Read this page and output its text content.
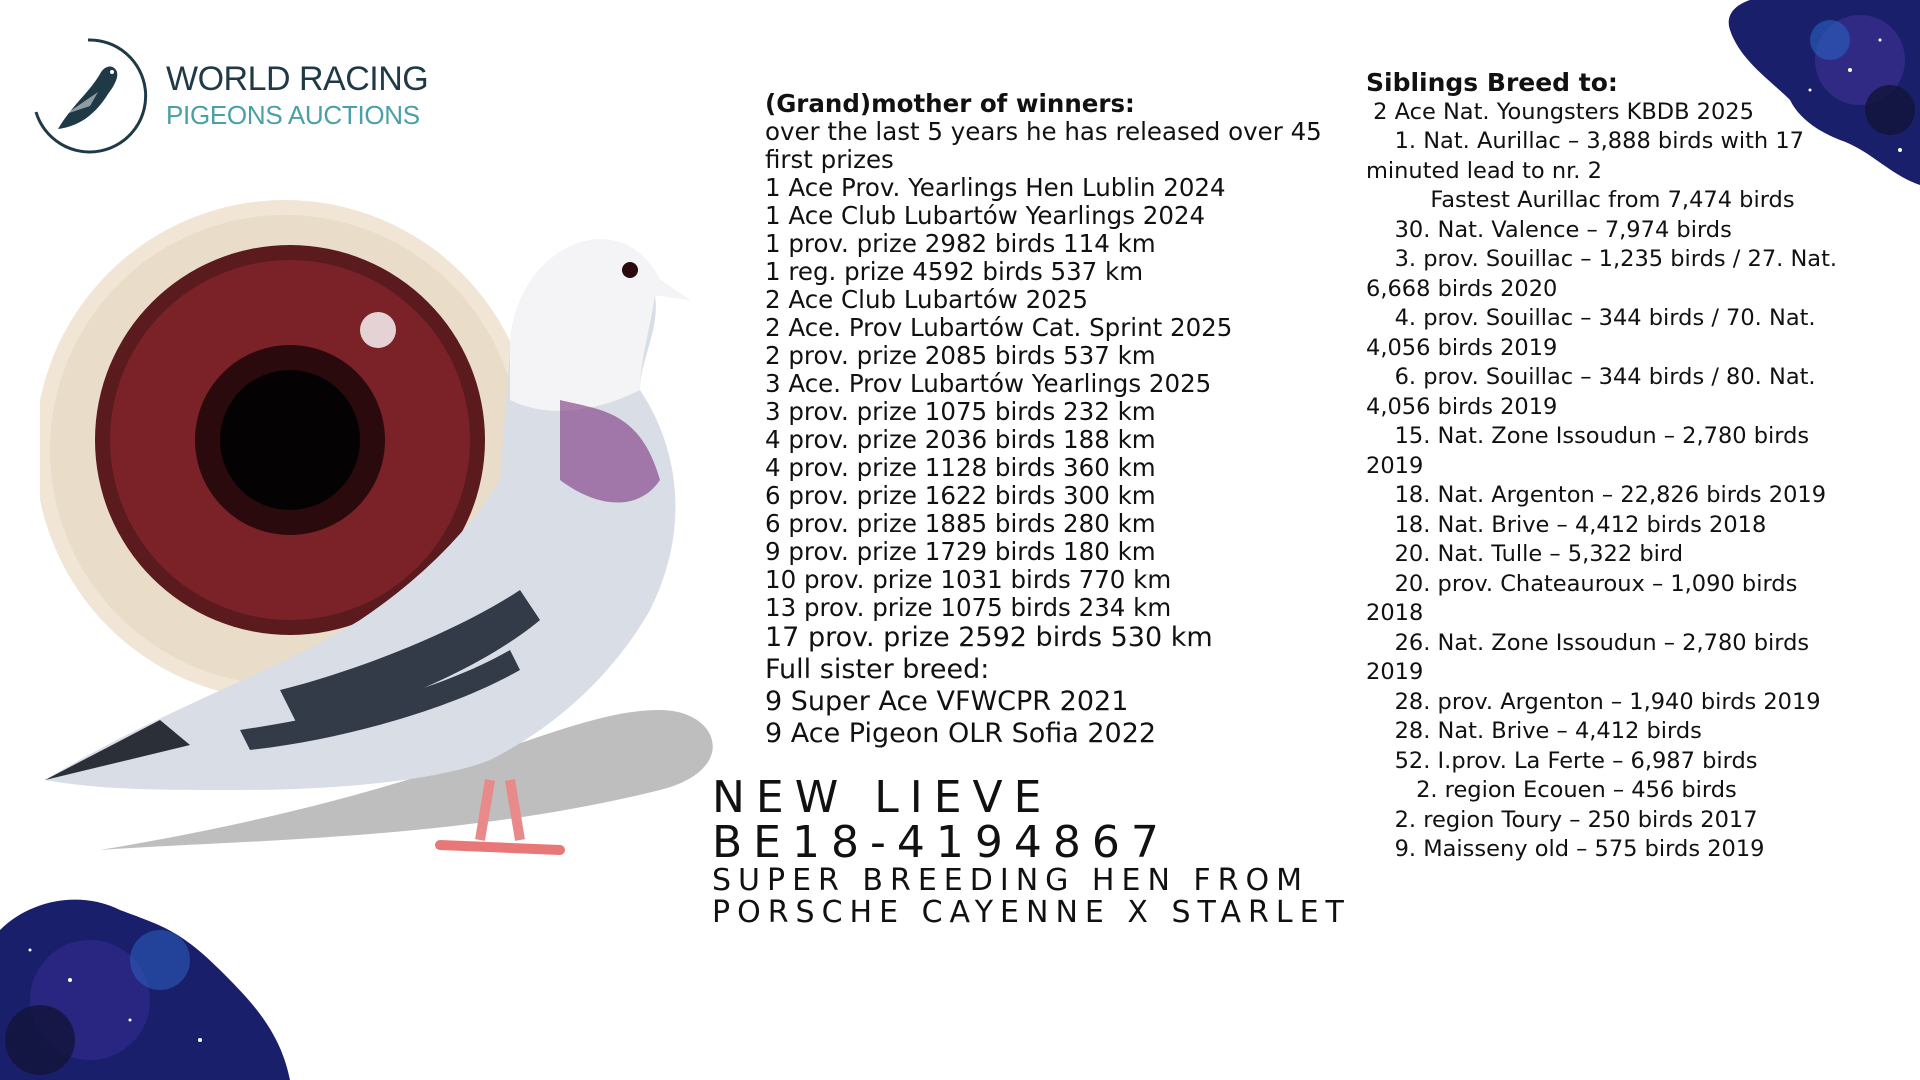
WORLD RACING
PIGEONS AUCTIONS	(Grand)mother of winners:
over the last 5 years he has released over 45
first prizes
1 Ace Prov. Yearlings Hen Lublin 2024
1 Ace Club Lubartów Yearlings 2024
1 prov. prize 2982 birds 114 km
1 reg. prize 4592 birds 537 km
2 Ace Club Lubartów 2025
2 Ace. Prov Lubartów Cat. Sprint 2025
2 prov. prize 2085 birds 537 km
3 Ace. Prov Lubartów Yearlings 2025
3 prov. prize 1075 birds 232 km
4 prov. prize 2036 birds 188 km
4 prov. prize 1128 birds 360 km
6 prov. prize 1622 birds 300 km
6 prov. prize 1885 birds 280 km
9 prov. prize 1729 birds 180 km
10 prov. prize 1031 birds 770 km
13 prov. prize 1075 birds 234 km
17 prov. prize 2592 birds 530 km
Full sister breed:
9 Super Ace VFWCPR 2021
9 Ace Pigeon OLR Sofia 2022
NEW LIEVE
BE18-4194867
SUPER BREEDING HEN FROM
PORSCHE CAYENNE X STARLET
Siblings Breed to:
2 Ace Nat. Youngsters KBDB 2025
1. Nat. Aurillac – 3,888 birds with 17
minuted lead to nr. 2
Fastest Aurillac from 7,474 birds
30. Nat. Valence – 7,974 birds
3. prov. Souillac – 1,235 birds / 27. Nat.
6,668 birds 2020
4. prov. Souillac – 344 birds / 70. Nat.
4,056 birds 2019
6. prov. Souillac – 344 birds / 80. Nat.
4,056 birds 2019
15. Nat. Zone Issoudun – 2,780 birds
2019
18. Nat. Argenton – 22,826 birds 2019
18. Nat. Brive – 4,412 birds 2018
20. Nat. Tulle – 5,322 bird
20. prov. Chateauroux – 1,090 birds
2018
26. Nat. Zone Issoudun – 2,780 birds
2019
28. prov. Argenton – 1,940 birds 2019
28. Nat. Brive – 4,412 birds
52. I.prov. La Ferte – 6,987 birds
2. region Ecouen – 456 birds
2. region Toury – 250 birds 2017
9. Maisseny old – 575 birds 2019
